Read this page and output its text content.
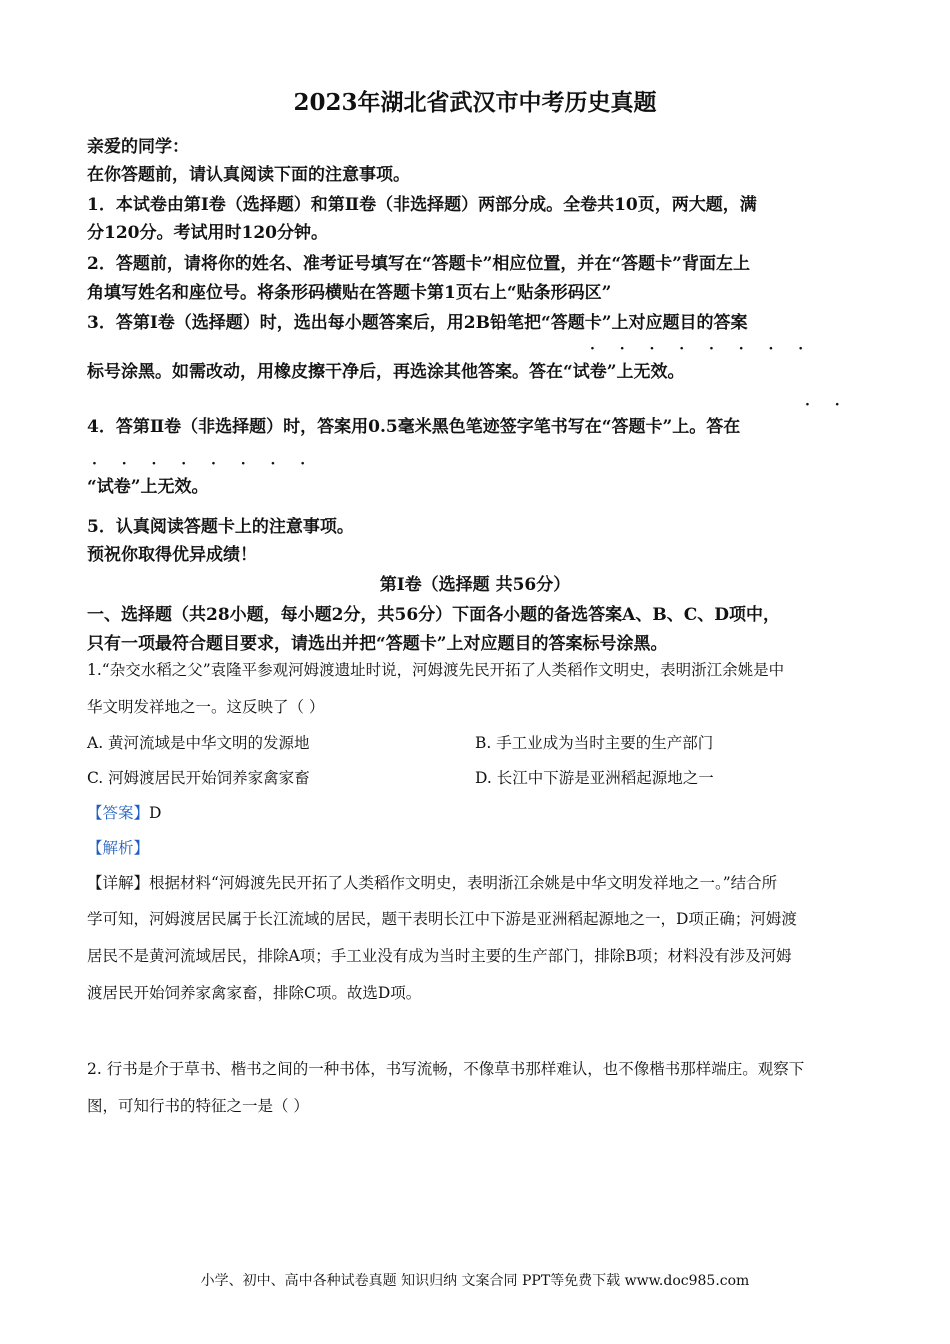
2023年湖北省武汉市中考历史真题
亲爱的同学：
在你答题前，请认真阅读下面的注意事项。
1．本试卷由第Ⅰ卷（选择题）和第Ⅱ卷（非选择题）两部分成。全卷共10页，两大题，满
分120分。考试用时120分钟。
2．答题前，请将你的姓名、准考证号填写在“答题卡”相应位置，并在“答题卡”背面左上
角填写姓名和座位号。将条形码横贴在答题卡第1页右上“贴条形码区”
3．答第Ⅰ卷（选择题）时，选出每小题答案后，用2B铅笔把“答题卡”上对应题目的答案
· · · · · · · ·
标号涂黑。如需改动，用橡皮擦干净后，再选涂其他答案。答在“试卷”上无效。
· ·
4．答第Ⅱ卷（非选择题）时，答案用0.5毫米黑色笔迹签字笔书写在“答题卡”上。答在
· · · · · · · ·
“试卷”上无效。
5．认真阅读答题卡上的注意事项。
预祝你取得优异成绩！
第Ⅰ卷（选择题 共56分）
一、选择题（共28小题，每小题2分，共56分）下面各小题的备选答案A、B、C、D项中，
只有一项最符合题目要求，请选出并把“答题卡”上对应题目的答案标号涂黑。
1.“杂交水稻之父”袁隆平参观河姆渡遗址时说，河姆渡先民开拓了人类稻作文明史，表明浙江余姚是中
华文明发祥地之一。这反映了（ ）
A. 黄河流域是中华文明的发源地	B. 手工业成为当时主要的生产部门
C. 河姆渡居民开始饲养家禽家畜	D. 长江中下游是亚洲稻起源地之一
【答案】D
【解析】
【详解】根据材料“河姆渡先民开拓了人类稻作文明史，表明浙江余姚是中华文明发祥地之一。”结合所
学可知，河姆渡居民属于长江流域的居民，题干表明长江中下游是亚洲稻起源地之一，D项正确；河姆渡
居民不是黄河流域居民，排除A项；手工业没有成为当时主要的生产部门，排除B项；材料没有涉及河姆
渡居民开始饲养家禽家畜，排除C项。故选D项。
2. 行书是介于草书、楷书之间的一种书体，书写流畅，不像草书那样难认，也不像楷书那样端庄。观察下
图，可知行书的特征之一是（ ）
小学、初中、高中各种试卷真题 知识归纳 文案合同 PPT等免费下载 www.doc985.com
